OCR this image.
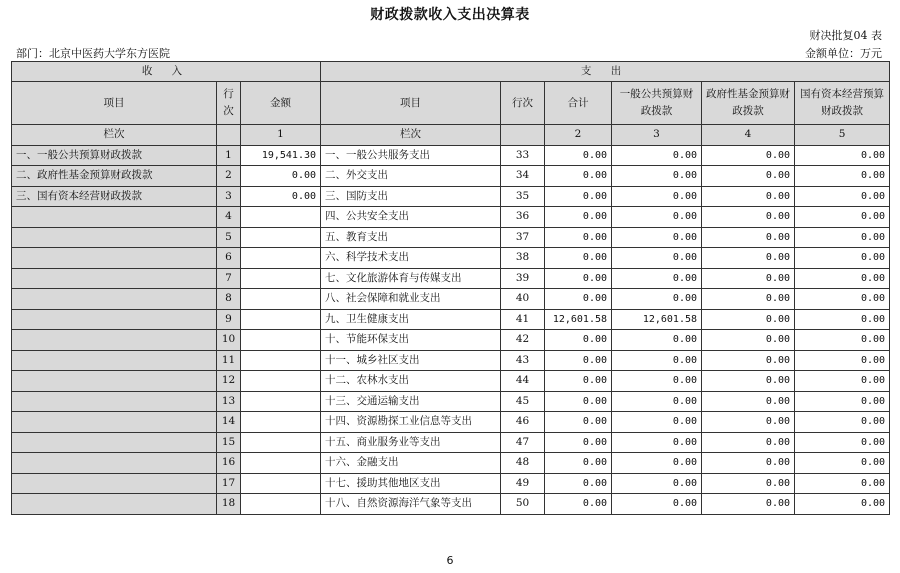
财政拨款收入支出决算表
财决批复04 表
部门：北京中医药大学东方医院	金额单位：万元
收 入			支 出					
项目	行次	金额	项目	行次	合计	一般公共预算财政拨款	政府性基金预算财政拨款	国有资本经营预算财政拨款
栏次		1	栏次		2	3	4	5
一、一般公共预算财政拨款	1	19,541.30	一、一般公共服务支出	33	0.00	0.00	0.00	0.00
二、政府性基金预算财政拨款	2	0.00	二、外交支出	34	0.00	0.00	0.00	0.00
三、国有资本经营财政拨款	3	0.00	三、国防支出	35	0.00	0.00	0.00	0.00
	4		四、公共安全支出	36	0.00	0.00	0.00	0.00
	5		五、教育支出	37	0.00	0.00	0.00	0.00
	6		六、科学技术支出	38	0.00	0.00	0.00	0.00
	7		七、文化旅游体育与传媒支出	39	0.00	0.00	0.00	0.00
	8		八、社会保障和就业支出	40	0.00	0.00	0.00	0.00
	9		九、卫生健康支出	41	12,601.58	12,601.58	0.00	0.00
	10		十、节能环保支出	42	0.00	0.00	0.00	0.00
	11		十一、城乡社区支出	43	0.00	0.00	0.00	0.00
	12		十二、农林水支出	44	0.00	0.00	0.00	0.00
	13		十三、交通运输支出	45	0.00	0.00	0.00	0.00
	14		十四、资源勘探工业信息等支出	46	0.00	0.00	0.00	0.00
	15		十五、商业服务业等支出	47	0.00	0.00	0.00	0.00
	16		十六、金融支出	48	0.00	0.00	0.00	0.00
	17		十七、援助其他地区支出	49	0.00	0.00	0.00	0.00
	18		十八、自然资源海洋气象等支出	50	0.00	0.00	0.00	0.00
6
